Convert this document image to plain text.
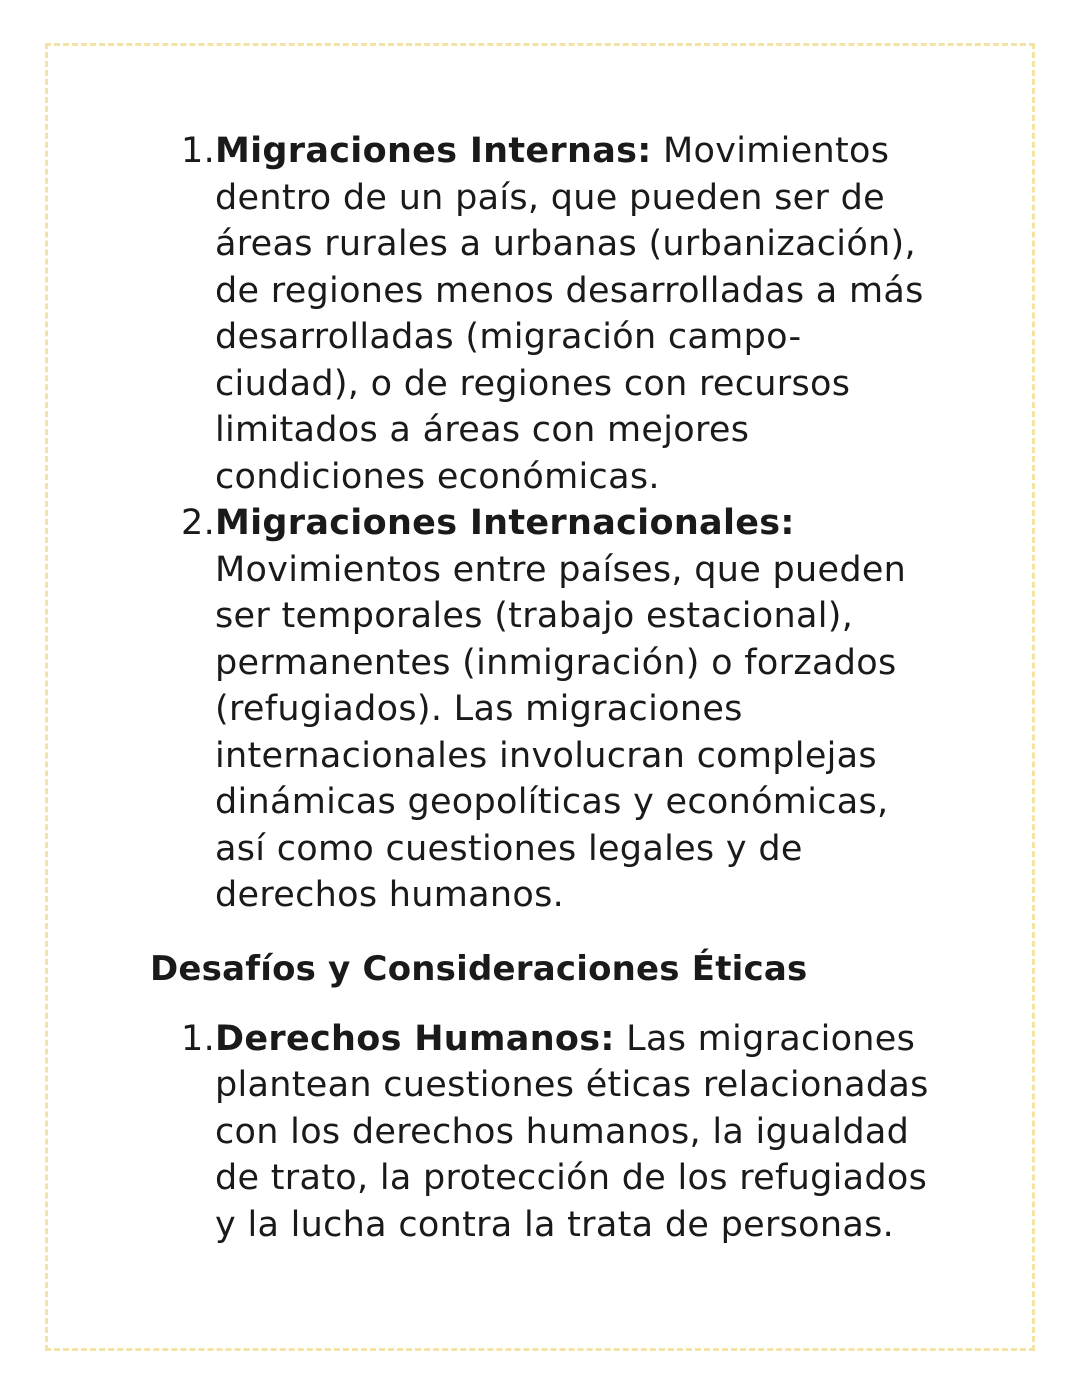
1. Migraciones Internas: Movimientos dentro de un país, que pueden ser de áreas rurales a urbanas (urbanización), de regiones menos desarrolladas a más desarrolladas (migración campo-ciudad), o de regiones con recursos limitados a áreas con mejores condiciones económicas.
2. Migraciones Internacionales:
Movimientos entre países, que pueden ser temporales (trabajo estacional), permanentes (inmigración) o forzados (refugiados). Las migraciones internacionales involucran complejas dinámicas geopolíticas y económicas, así como cuestiones legales y de derechos humanos.
Desafíos y Consideraciones Éticas
1. Derechos Humanos: Las migraciones plantean cuestiones éticas relacionadas con los derechos humanos, la igualdad de trato, la protección de los refugiados y la lucha contra la trata de personas.
